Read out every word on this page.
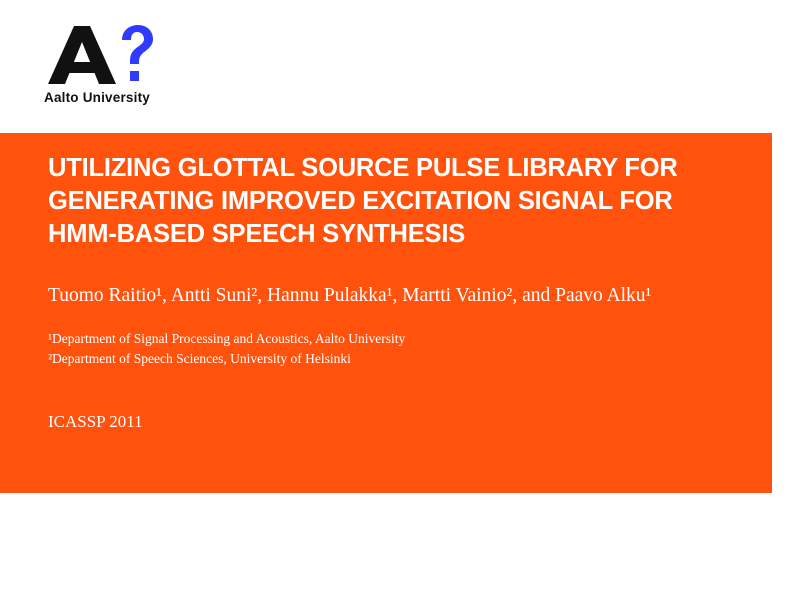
Aalto University
UTILIZING GLOTTAL SOURCE PULSE LIBRARY FOR
GENERATING IMPROVED EXCITATION SIGNAL FOR
HMM-BASED SPEECH SYNTHESIS
Tuomo Raitio¹, Antti Suni², Hannu Pulakka¹, Martti Vainio², and Paavo Alku¹
¹Department of Signal Processing and Acoustics, Aalto University
²Department of Speech Sciences, University of Helsinki
ICASSP 2011
